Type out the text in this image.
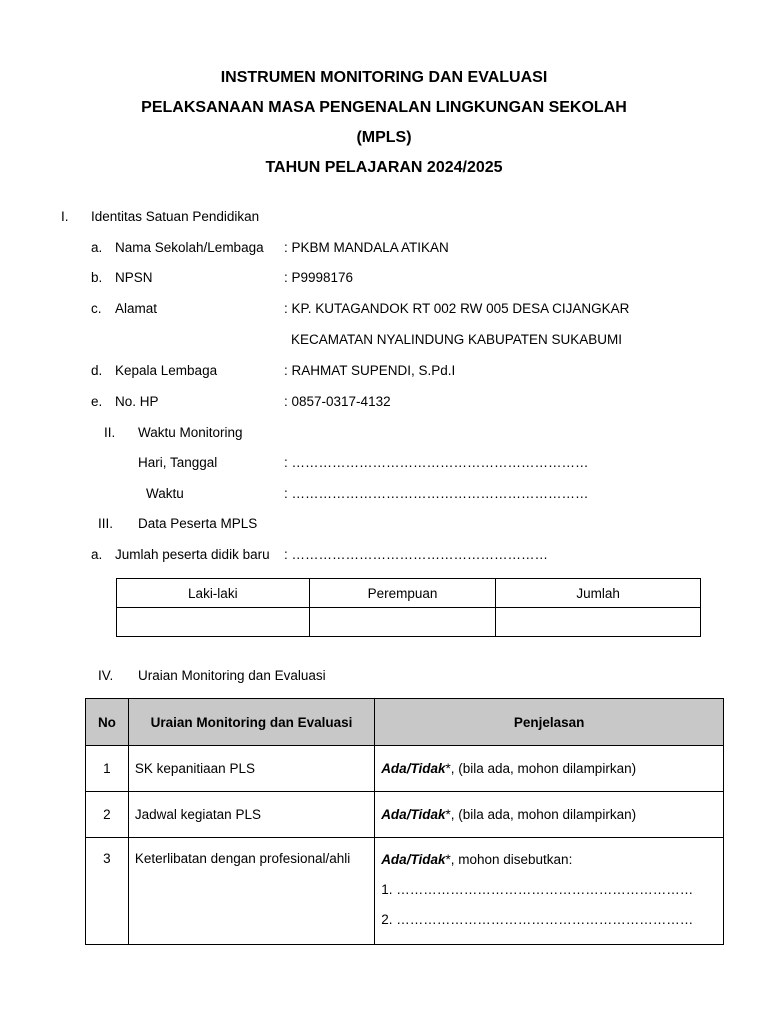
INSTRUMEN MONITORING DAN EVALUASI
PELAKSANAAN MASA PENGENALAN LINGKUNGAN SEKOLAH
(MPLS)
TAHUN PELAJARAN 2024/2025
I. Identitas Satuan Pendidikan
a. Nama Sekolah/Lembaga : PKBM MANDALA ATIKAN
b. NPSN	: P9998176
c. Alamat	: KP. KUTAGANDOK RT 002 RW 005 DESA CIJANGKAR
KECAMATAN NYALINDUNG KABUPATEN SUKABUMI
d. Kepala Lembaga	: RAHMAT SUPENDI, S.Pd.I
e. No. HP	: 0857-0317-4132
II. Waktu Monitoring
Hari, Tanggal	: …………………………………………………………
Waktu	: …………………………………………………………
III. Data Peserta MPLS
a. Jumlah peserta didik baru : …………………………………………………
Laki-laki	Perempuan	Jumlah

IV. Uraian Monitoring dan Evaluasi
No	Uraian Monitoring dan Evaluasi	Penjelasan
1	SK kepanitiaan PLS	Ada/Tidak*, (bila ada, mohon dilampirkan)
2	Jadwal kegiatan PLS	Ada/Tidak*, (bila ada, mohon dilampirkan)
3	Keterlibatan dengan profesional/ahli	Ada/Tidak*, mohon disebutkan:
1. …………………………………………………………
2. …………………………………………………………
